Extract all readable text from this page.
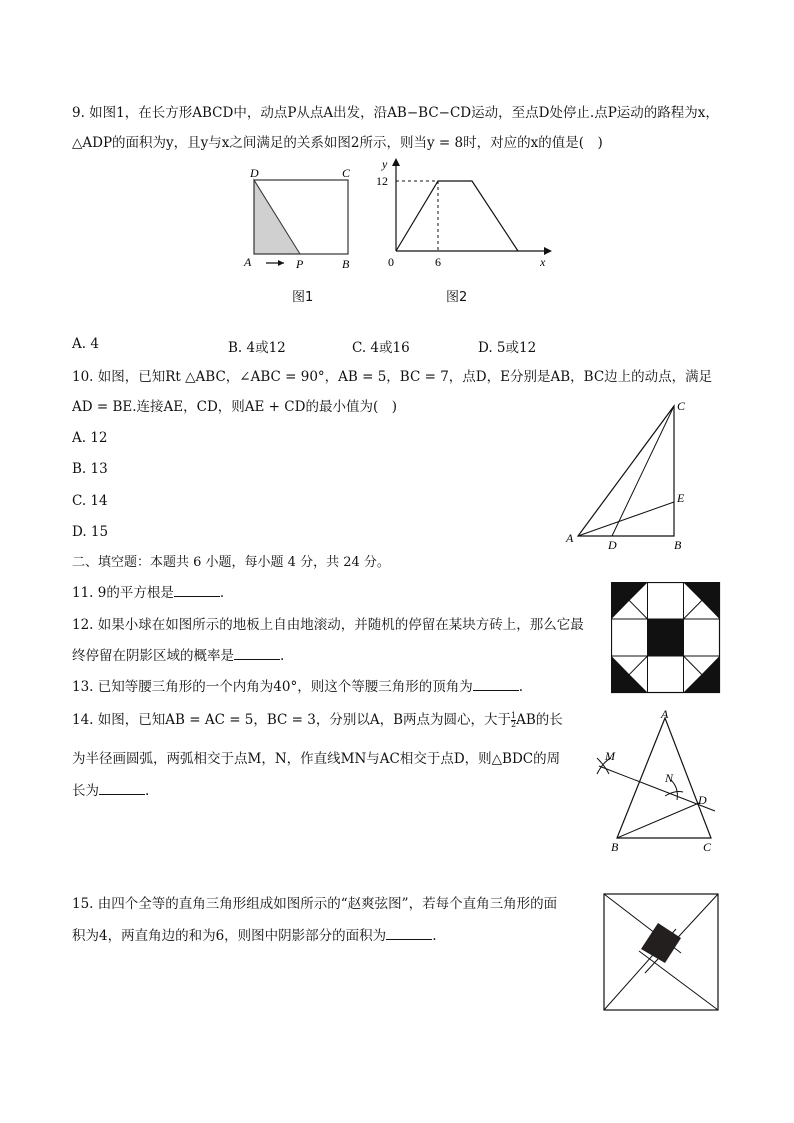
9. 如图1，在长方形ABCD中，动点P从点A出发，沿AB−BC−CD运动，至点D处停止.点P运动的路程为x，
△ADP的面积为y，且y与x之间满足的关系如图2所示，则当y = 8时，对应的x的值是(　)
D	C
A	P	B
图1
y
x
0	6
12
图2
A. 4	B. 4或12	C. 4或16	D. 5或12
10. 如图，已知Rt △ABC，∠ABC = 90°，AB = 5，BC = 7，点D，E分别是AB，BC边上的动点，满足
AD = BE.连接AE，CD，则AE + CD的最小值为(　)
A. 12
B. 13
C. 14
D. 15
C
E
A	D	B
二、填空题：本题共 6 小题，每小题 4 分，共 24 分。
11. 9的平方根是	.
12. 如果小球在如图所示的地板上自由地滚动，并随机的停留在某块方砖上，那么它最
终停留在阴影区域的概率是	.
13. 已知等腰三角形的一个内角为40°，则这个等腰三角形的顶角为	.
14. 如图，已知AB = AC = 5，BC = 3，分别以A，B两点为圆心，大于 $\frac{1}{2}$ AB的长
为半径画圆弧，两弧相交于点M，N，作直线MN与AC相交于点D，则△BDC的周
长为	.
A
M
N
D
B	C
15. 由四个全等的直角三角形组成如图所示的“赵爽弦图”，若每个直角三角形的面
积为4，两直角边的和为6，则图中阴影部分的面积为	.
